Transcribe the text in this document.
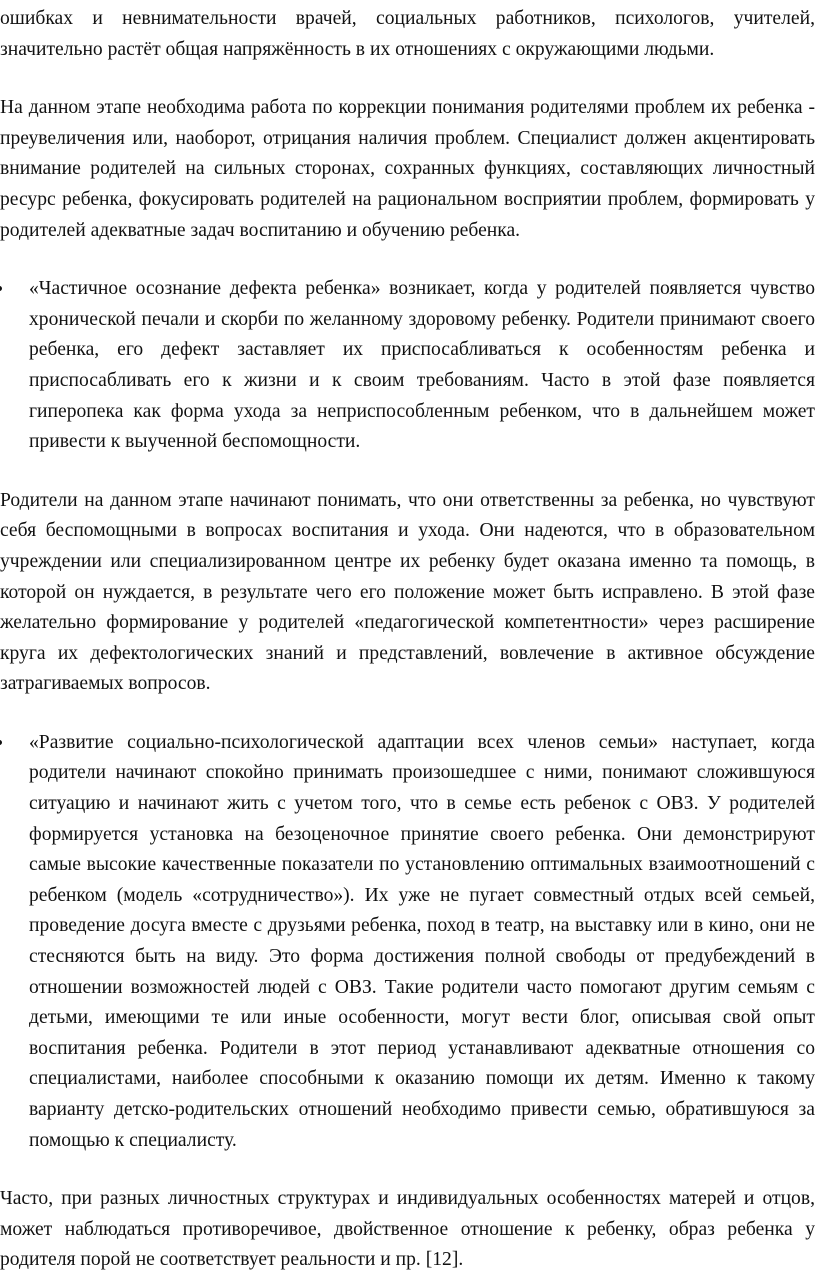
ошибках и невнимательности врачей, социальных работников, психологов, учителей, значительно растёт общая напряжённость в их отношениях с окружающими людьми.

На данном этапе необходима работа по коррекции понимания родителями проблем их ребенка - преувеличения или, наоборот, отрицания наличия проблем. Специалист должен акцентировать внимание родителей на сильных сторонах, сохранных функциях, составляющих личностный ресурс ребенка, фокусировать родителей на рациональном восприятии проблем, формировать у родителей адекватные задач воспитанию и обучению ребенка.

«Частичное осознание дефекта ребенка» возникает, когда у родителей появляется чувство хронической печали и скорби по желанному здоровому ребенку. Родители принимают своего ребенка, его дефект заставляет их приспосабливаться к особенностям ребенка и приспосабливать его к жизни и к своим требованиям. Часто в этой фазе появляется гиперопека как форма ухода за неприспособленным ребенком, что в дальнейшем может привести к выученной беспомощности.

Родители на данном этапе начинают понимать, что они ответственны за ребенка, но чувствуют себя беспомощными в вопросах воспитания и ухода. Они надеются, что в образовательном учреждении или специализированном центре их ребенку будет оказана именно та помощь, в которой он нуждается, в результате чего его положение может быть исправлено. В этой фазе желательно формирование у родителей «педагогической компетентности» через расширение круга их дефектологических знаний и представлений, вовлечение в активное обсуждение затрагиваемых вопросов.

«Развитие социально-психологической адаптации всех членов семьи» наступает, когда родители начинают спокойно принимать произошедшее с ними, понимают сложившуюся ситуацию и начинают жить с учетом того, что в семье есть ребенок с ОВЗ. У родителей формируется установка на безоценочное принятие своего ребенка. Они демонстрируют самые высокие качественные показатели по установлению оптимальных взаимоотношений с ребенком (модель «сотрудничество»). Их уже не пугает совместный отдых всей семьей, проведение досуга вместе с друзьями ребенка, поход в театр, на выставку или в кино, они не стесняются быть на виду. Это форма достижения полной свободы от предубеждений в отношении возможностей людей с ОВЗ. Такие родители часто помогают другим семьям с детьми, имеющими те или иные особенности, могут вести блог, описывая свой опыт воспитания ребенка. Родители в этот период устанавливают адекватные отношения со специалистами, наиболее способными к оказанию помощи их детям. Именно к такому варианту детско-родительских отношений необходимо привести семью, обратившуюся за помощью к специалисту.

Часто, при разных личностных структурах и индивидуальных особенностях матерей и отцов, может наблюдаться противоречивое, двойственное отношение к ребенку, образ ребенка у родителя порой не соответствует реальности и пр. [12].
